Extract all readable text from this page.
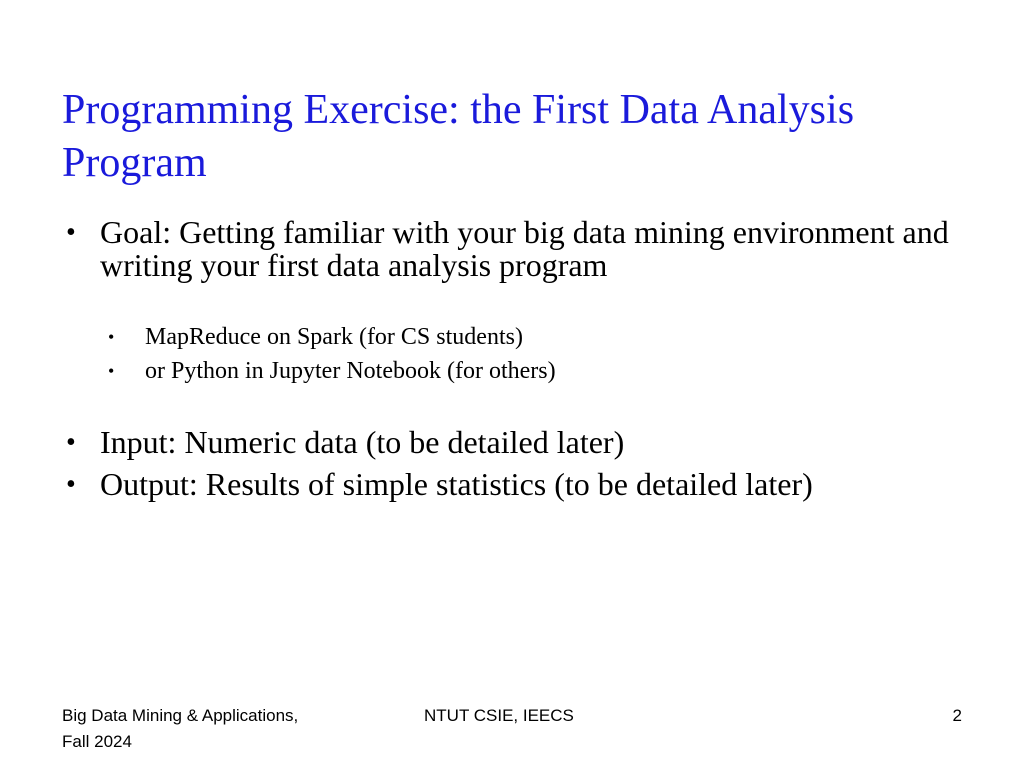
Programming Exercise: the First Data Analysis Program
• Goal: Getting familiar with your big data mining environment and writing your first data analysis program
• MapReduce on Spark (for CS students)
• or Python in Jupyter Notebook (for others)
• Input: Numeric data (to be detailed later)
• Output: Results of simple statistics (to be detailed later)
Big Data Mining & Applications, Fall 2024
NTUT CSIE, IEECS	2
